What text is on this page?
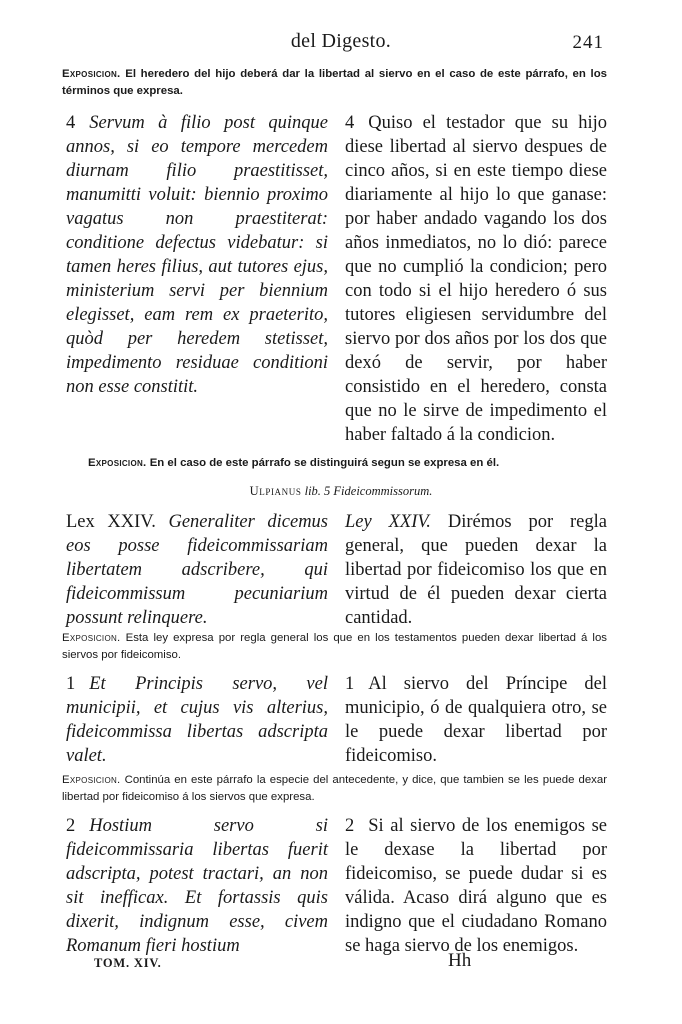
del Digesto.	241
Exposicion. El heredero del hijo deberá dar la libertad al siervo en el caso de este párrafo, en los términos que expresa.
4 Servum à filio post quinque annos, si eo tempore mercedem diurnam filio praestitisset, manumitti voluit: biennio proximo vagatus non praestiterat: conditione defectus videbatur: si tamen heres filius, aut tutores ejus, ministerium servi per biennium elegisset, eam rem ex praeterito, quòd per heredem stetisset, impedimento residuae conditioni non esse constitit.
4 Quiso el testador que su hijo diese libertad al siervo despues de cinco años, si en este tiempo diese diariamente al hijo lo que ganase: por haber andado vagando los dos años inmediatos, no lo dió: parece que no cumplió la condicion; pero con todo si el hijo heredero ó sus tutores eligiesen servidumbre del siervo por dos años por los dos que dexó de servir, por haber consistido en el heredero, consta que no le sirve de impedimento el haber faltado á la condicion.
Exposicion. En el caso de este párrafo se distinguirá segun se expresa en él.
Ulpianus lib. 5 Fideicommissorum.
Lex XXIV. Generaliter dicemus eos posse fideicommissariam libertatem adscribere, qui fideicommissum pecuniarium possunt relinquere.
Ley XXIV. Dirémos por regla general, que pueden dexar la libertad por fideicomiso los que en virtud de él pueden dexar cierta cantidad.
Exposicion. Esta ley expresa por regla general los que en los testamentos pueden dexar libertad á los siervos por fideicomiso.
1 Et Principis servo, vel municipii, et cujus vis alterius, fideicommissa libertas adscripta valet.
1 Al siervo del Príncipe del municipio, ó de qualquiera otro, se le puede dexar libertad por fideicomiso.
Exposicion. Continúa en este párrafo la especie del antecedente, y dice, que tambien se les puede dexar libertad por fideicomiso á los siervos que expresa.
2 Hostium servo si fideicommissaria libertas fuerit adscripta, potest tractari, an non sit inefficax. Et fortassis quis dixerit, indignum esse, civem Romanum fieri hostium
2 Si al siervo de los enemigos se le dexase la libertad por fideicomiso, se puede dudar si es válida. Acaso dirá alguno que es indigno que el ciudadano Romano se haga siervo de los enemigos.
TOM. XIV.	Hh
